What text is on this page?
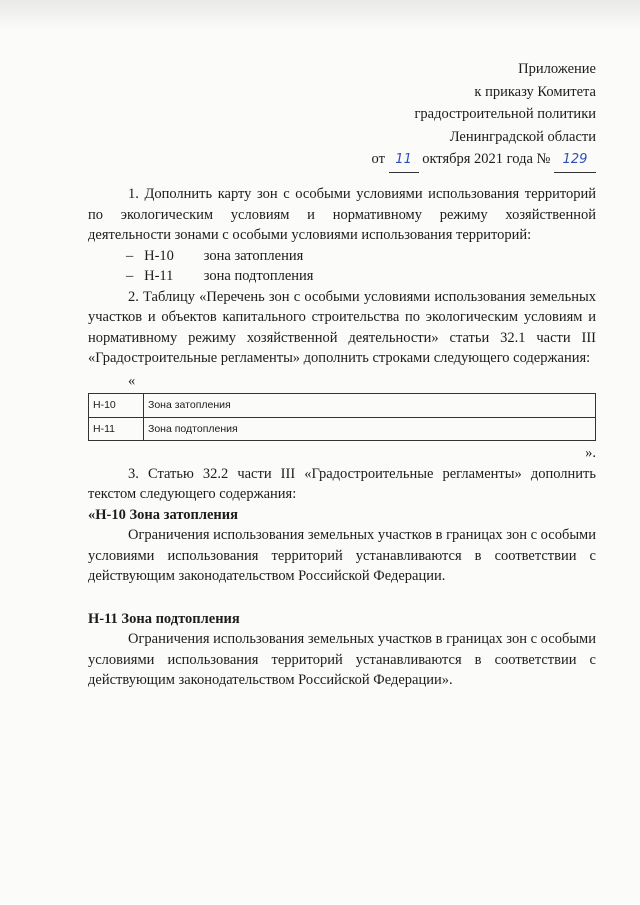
Приложение
к приказу Комитета
градостроительной политики
Ленинградской области
от 11 октября 2021 года № 129

1. Дополнить карту зон с особыми условиями использования территорий по экологическим условиям и нормативному режиму хозяйственной деятельности зонами с особыми условиями использования территорий:

– Н-10 зона затопления

– Н-11 зона подтопления

2. Таблицу «Перечень зон с особыми условиями использования земельных участков и объектов капитального строительства по экологическим условиям и нормативному режиму хозяйственной деятельности» статьи 32.1 части III «Градостроительные регламенты» дополнить строками следующего содержания:

«

Н-10	Зона затопления
Н-11	Зона подтопления

».

3. Статью 32.2 части III «Градостроительные регламенты» дополнить текстом следующего содержания:

«Н-10 Зона затопления

Ограничения использования земельных участков в границах зон с особыми условиями использования территорий устанавливаются в соответствии с действующим законодательством Российской Федерации.

Н-11 Зона подтопления

Ограничения использования земельных участков в границах зон с особыми условиями использования территорий устанавливаются в соответствии с действующим законодательством Российской Федерации».
